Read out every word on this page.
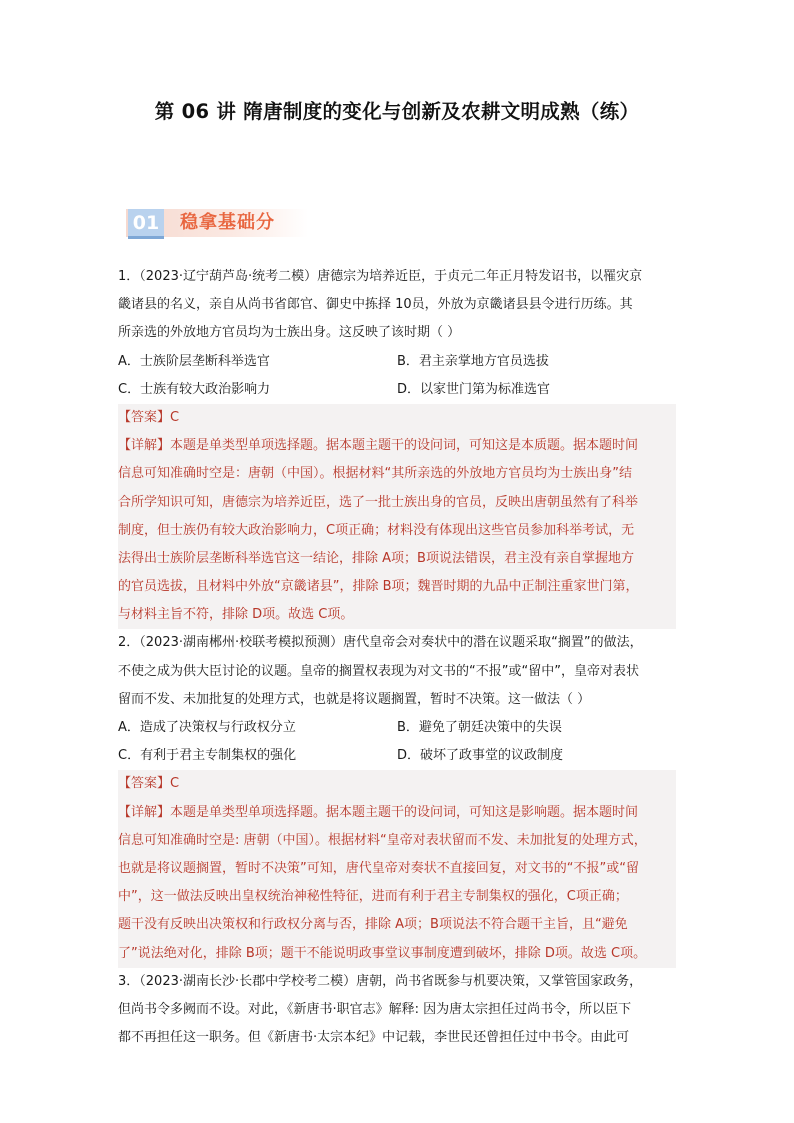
第 06 讲 隋唐制度的变化与创新及农耕文明成熟（练）
01 稳拿基础分
1．（2023·辽宁葫芦岛·统考二模）唐德宗为培养近臣，于贞元二年正月特发诏书，以罹灾京
畿诸县的名义，亲自从尚书省郎官、御史中拣择 10员，外放为京畿诸县县令进行历练。其
所亲选的外放地方官员均为士族出身。这反映了该时期（ ）
A．士族阶层垄断科举选官	B．君主亲掌地方官员选拔
C．士族有较大政治影响力	D．以家世门第为标准选官
【答案】C
【详解】本题是单类型单项选择题。据本题主题干的设问词，可知这是本质题。据本题时间
信息可知准确时空是：唐朝（中国）。根据材料“其所亲选的外放地方官员均为士族出身”结
合所学知识可知，唐德宗为培养近臣，选了一批士族出身的官员，反映出唐朝虽然有了科举
制度，但士族仍有较大政治影响力，C项正确；材料没有体现出这些官员参加科举考试，无
法得出士族阶层垄断科举选官这一结论，排除 A项；B项说法错误，君主没有亲自掌握地方
的官员选拔，且材料中外放“京畿诸县”，排除 B项；魏晋时期的九品中正制注重家世门第，
与材料主旨不符，排除 D项。故选 C项。
2．（2023·湖南郴州·校联考模拟预测）唐代皇帝会对奏状中的潜在议题采取“搁置”的做法，
不使之成为供大臣讨论的议题。皇帝的搁置权表现为对文书的“不报”或“留中”，皇帝对表状
留而不发、未加批复的处理方式，也就是将议题搁置，暂时不决策。这一做法（ ）
A．造成了决策权与行政权分立	B．避免了朝廷决策中的失误
C．有利于君主专制集权的强化	D．破坏了政事堂的议政制度
【答案】C
【详解】本题是单类型单项选择题。据本题主题干的设问词，可知这是影响题。据本题时间
信息可知准确时空是: 唐朝（中国）。根据材料“皇帝对表状留而不发、未加批复的处理方式，
也就是将议题搁置，暂时不决策”可知，唐代皇帝对奏状不直接回复，对文书的“不报”或“留
中”，这一做法反映出皇权统治神秘性特征，进而有利于君主专制集权的强化，C项正确；
题干没有反映出决策权和行政权分离与否，排除 A项；B项说法不符合题干主旨，且“避免
了”说法绝对化，排除 B项；题干不能说明政事堂议事制度遭到破坏，排除 D项。故选 C项。
3．（2023·湖南长沙·长郡中学校考二模）唐朝，尚书省既参与机要决策，又掌管国家政务，
但尚书令多阙而不设。对此，《新唐书·职官志》解释: 因为唐太宗担任过尚书令，所以臣下
都不再担任这一职务。但《新唐书·太宗本纪》中记载，李世民还曾担任过中书令。由此可
